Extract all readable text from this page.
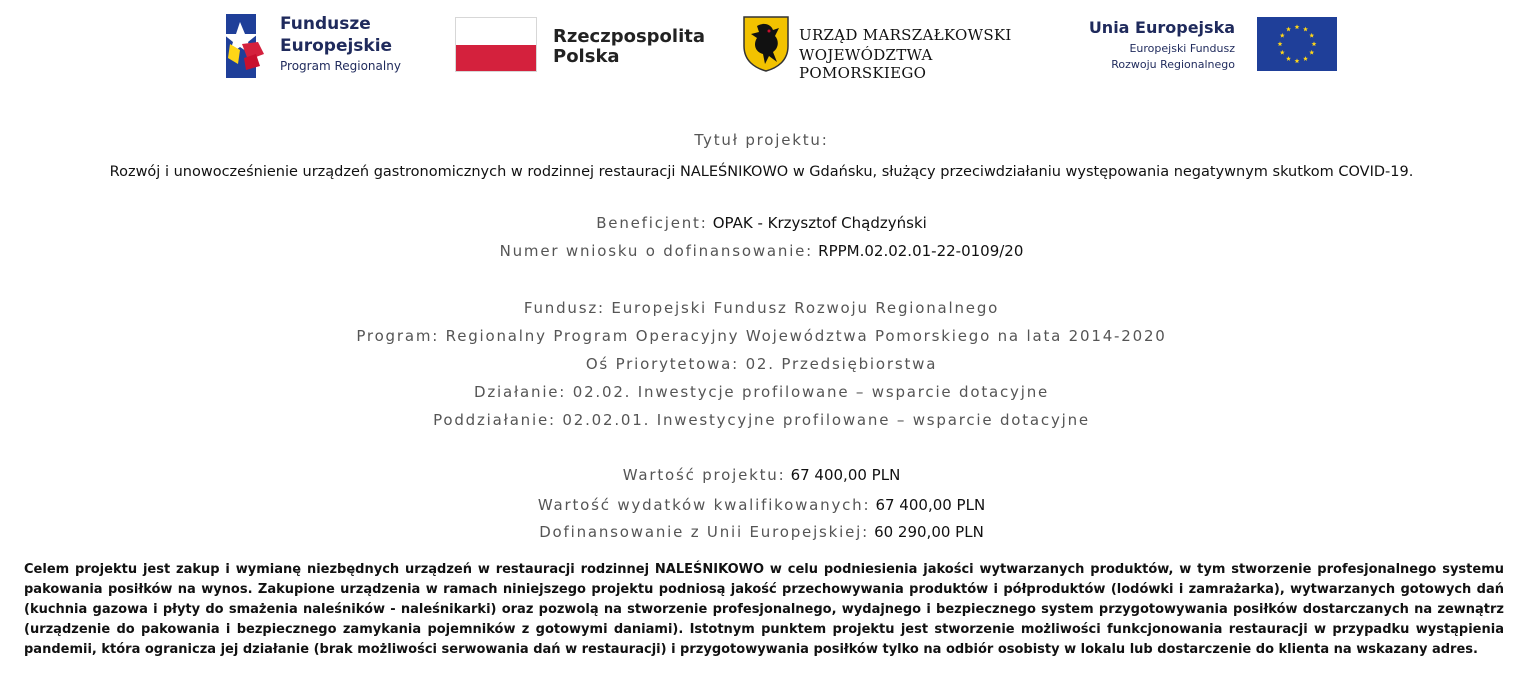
Fundusze
Europejskie
Program Regionalny
Rzeczpospolita
Polska
URZĄD MARSZAŁKOWSKI
WOJEWÓDZTWA POMORSKIEGO
Unia Europejska
Europejski Fundusz
Rozwoju Regionalnego
Tytuł projektu:
Rozwój i unowocześnienie urządzeń gastronomicznych w rodzinnej restauracji NALEŚNIKOWO w Gdańsku, służący przeciwdziałaniu występowania negatywnym skutkom COVID-19.
Beneficjent: OPAK - Krzysztof Chądzyński
Numer wniosku o dofinansowanie: RPPM.02.02.01-22-0109/20
Fundusz: Europejski Fundusz Rozwoju Regionalnego
Program: Regionalny Program Operacyjny Województwa Pomorskiego na lata 2014-2020
Oś Priorytetowa: 02. Przedsiębiorstwa
Działanie: 02.02. Inwestycje profilowane – wsparcie dotacyjne
Poddziałanie: 02.02.01. Inwestycyjne profilowane – wsparcie dotacyjne
Wartość projektu: 67 400,00 PLN
Wartość wydatków kwalifikowanych: 67 400,00 PLN
Dofinansowanie z Unii Europejskiej: 60 290,00 PLN
Celem projektu jest zakup i wymianę niezbędnych urządzeń w restauracji rodzinnej NALEŚNIKOWO w celu podniesienia jakości wytwarzanych produktów, w tym stworzenie profesjonalnego systemu pakowania posiłków na wynos. Zakupione urządzenia w ramach niniejszego projektu podniosą jakość przechowywania produktów i półproduktów (lodówki i zamrażarka), wytwarzanych gotowych dań (kuchnia gazowa i płyty do smażenia naleśników - naleśnikarki) oraz pozwolą na stworzenie profesjonalnego, wydajnego i bezpiecznego system przygotowywania posiłków dostarczanych na zewnątrz (urządzenie do pakowania i bezpiecznego zamykania pojemników z gotowymi daniami). Istotnym punktem projektu jest stworzenie możliwości funkcjonowania restauracji w przypadku wystąpienia pandemii, która ogranicza jej działanie (brak możliwości serwowania dań w restauracji) i przygotowywania posiłków tylko na odbiór osobisty w lokalu lub dostarczenie do klienta na wskazany adres.
